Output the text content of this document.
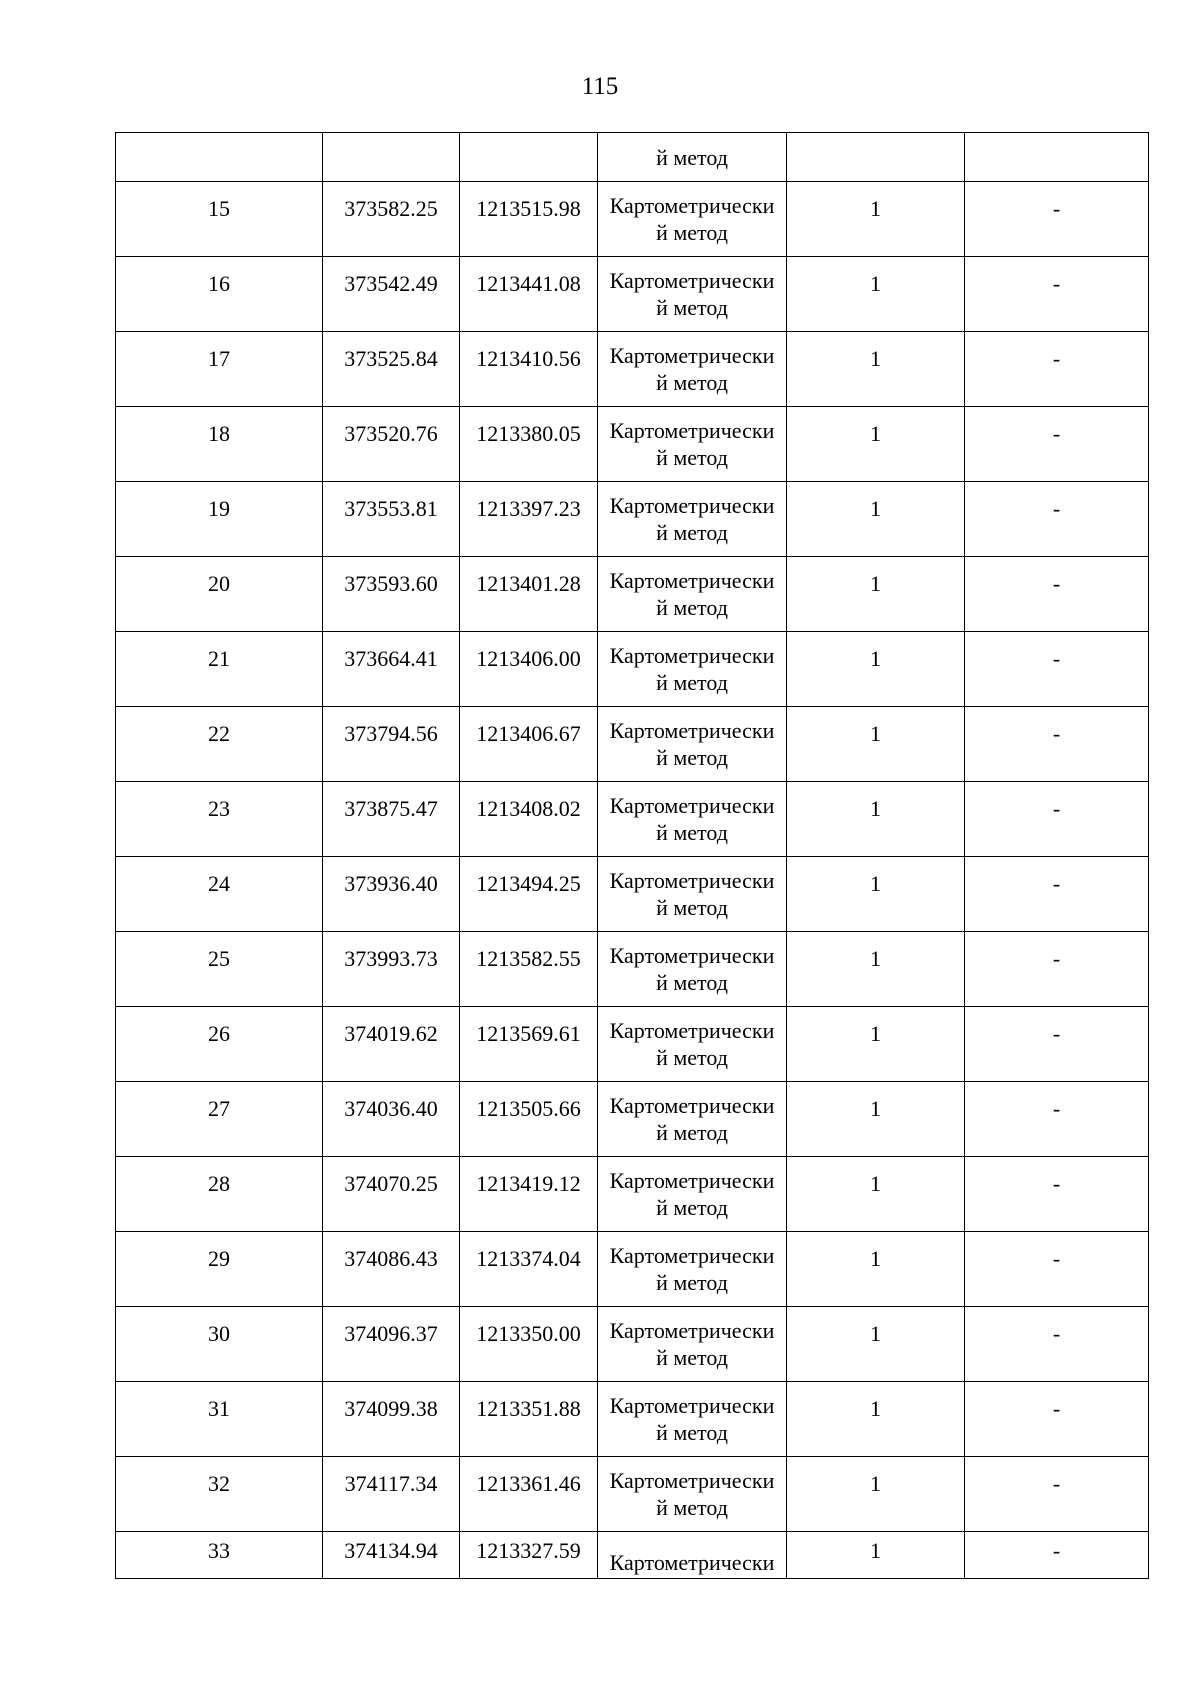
115

			й метод		

15	373582.25	1213515.98	Картометрически
й метод	1	-

16	373542.49	1213441.08	Картометрически
й метод	1	-

17	373525.84	1213410.56	Картометрически
й метод	1	-

18	373520.76	1213380.05	Картометрически
й метод	1	-

19	373553.81	1213397.23	Картометрически
й метод	1	-

20	373593.60	1213401.28	Картометрически
й метод	1	-

21	373664.41	1213406.00	Картометрически
й метод	1	-

22	373794.56	1213406.67	Картометрически
й метод	1	-

23	373875.47	1213408.02	Картометрически
й метод	1	-

24	373936.40	1213494.25	Картометрически
й метод	1	-

25	373993.73	1213582.55	Картометрически
й метод	1	-

26	374019.62	1213569.61	Картометрически
й метод	1	-

27	374036.40	1213505.66	Картометрически
й метод	1	-

28	374070.25	1213419.12	Картометрически
й метод	1	-

29	374086.43	1213374.04	Картометрически
й метод	1	-

30	374096.37	1213350.00	Картометрически
й метод	1	-

31	374099.38	1213351.88	Картометрически
й метод	1	-

32	374117.34	1213361.46	Картометрически
й метод	1	-

33	374134.94	1213327.59	Картометрически	1	-
